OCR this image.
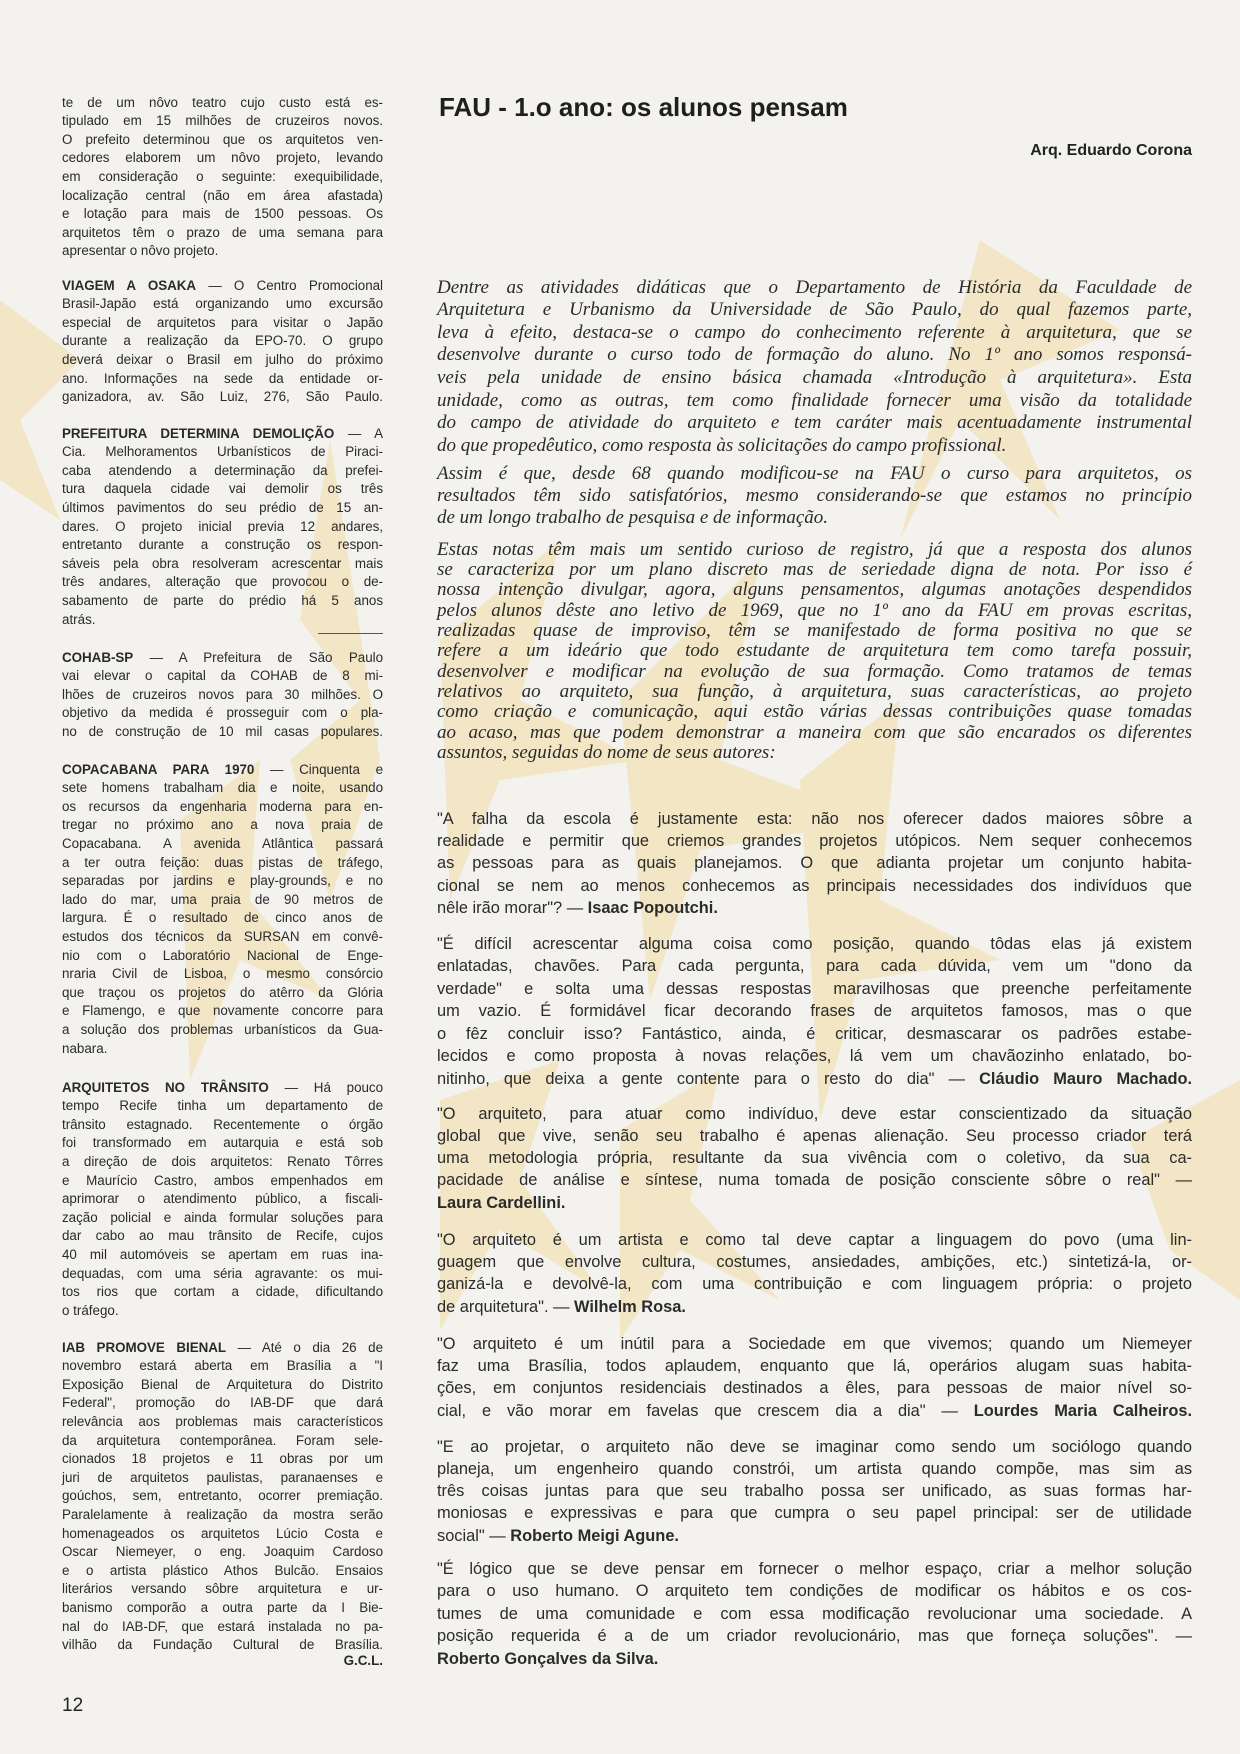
FAU - 1.o ano: os alunos pensam
Arq. Eduardo Corona
G.C.L.
12
te de um nôvo teatro cujo custo está es-
tipulado em 15 milhões de cruzeiros novos.
O prefeito determinou que os arquitetos ven-
cedores elaborem um nôvo projeto, levando
em consideração o seguinte: exequibilidade,
localização central (não em área afastada)
e lotação para mais de 1500 pessoas. Os
arquitetos têm o prazo de uma semana para
apresentar o nôvo projeto.
VIAGEM A OSAKA — O Centro Promocional
Brasil-Japão está organizando umo excursão
especial de arquitetos para visitar o Japão
durante a realização da EPO-70. O grupo
deverá deixar o Brasil em julho do próximo
ano. Informações na sede da entidade or-
ganizadora, av. São Luiz, 276, São Paulo.
PREFEITURA DETERMINA DEMOLIÇÃO — A
Cia. Melhoramentos Urbanísticos de Piraci-
caba atendendo a determinação da prefei-
tura daquela cidade vai demolir os três
últimos pavimentos do seu prédio de 15 an-
dares. O projeto inicial previa 12 andares,
entretanto durante a construção os respon-
sáveis pela obra resolveram acrescentar mais
três andares, alteração que provocou o de-
sabamento de parte do prédio há 5 anos
atrás.
COHAB-SP — A Prefeitura de São Paulo
vai elevar o capital da COHAB de 8 mi-
lhões de cruzeiros novos para 30 milhões. O
objetivo da medida é prosseguir com o pla-
no de construção de 10 mil casas populares.
COPACABANA PARA 1970 — Cinquenta e
sete homens trabalham dia e noite, usando
os recursos da engenharia moderna para en-
tregar no próximo ano a nova praia de
Copacabana. A avenida Atlântica passará
a ter outra feição: duas pistas de tráfego,
separadas por jardins e play-grounds, e no
lado do mar, uma praia de 90 metros de
largura. É o resultado de cinco anos de
estudos dos técnicos da SURSAN em convê-
nio com o Laboratório Nacional de Enge-
nraria Civil de Lisboa, o mesmo consórcio
que traçou os projetos do atêrro da Glória
e Flamengo, e que novamente concorre para
a solução dos problemas urbanísticos da Gua-
nabara.
ARQUITETOS NO TRÂNSITO — Há pouco
tempo Recife tinha um departamento de
trânsito estagnado. Recentemente o órgão
foi transformado em autarquia e está sob
a direção de dois arquitetos: Renato Tôrres
e Maurício Castro, ambos empenhados em
aprimorar o atendimento público, a fiscali-
zação policial e ainda formular soluções para
dar cabo ao mau trânsito de Recife, cujos
40 mil automóveis se apertam em ruas ina-
dequadas, com uma séria agravante: os mui-
tos rios que cortam a cidade, dificultando
o tráfego.
IAB PROMOVE BIENAL — Até o dia 26 de
novembro estará aberta em Brasília a "I
Exposição Bienal de Arquitetura do Distrito
Federal", promoção do IAB-DF que dará
relevância aos problemas mais característicos
da arquitetura contemporânea. Foram sele-
cionados 18 projetos e 11 obras por um
juri de arquitetos paulistas, paranaenses e
goúchos, sem, entretanto, ocorrer premiação.
Paralelamente à realização da mostra serão
homenageados os arquitetos Lúcio Costa e
Oscar Niemeyer, o eng. Joaquim Cardoso
e o artista plástico Athos Bulcão. Ensaios
literários versando sôbre arquitetura e ur-
banismo comporão a outra parte da I Bie-
nal do IAB-DF, que estará instalada no pa-
vilhão da Fundação Cultural de Brasília.
Dentre as atividades didáticas que o Departamento de História da Faculdade de
Arquitetura e Urbanismo da Universidade de São Paulo, do qual fazemos parte,
leva à efeito, destaca-se o campo do conhecimento referente à arquitetura, que se
desenvolve durante o curso todo de formação do aluno. No 1º ano somos responsá-
veis pela unidade de ensino básica chamada «Introdução à arquitetura». Esta
unidade, como as outras, tem como finalidade fornecer uma visão da totalidade
do campo de atividade do arquiteto e tem caráter mais acentuadamente instrumental
do que propedêutico, como resposta às solicitações do campo profissional.
Assim é que, desde 68 quando modificou-se na FAU o curso para arquitetos, os
resultados têm sido satisfatórios, mesmo considerando-se que estamos no princípio
de um longo trabalho de pesquisa e de informação.
Estas notas têm mais um sentido curioso de registro, já que a resposta dos alunos
se caracteriza por um plano discreto mas de seriedade digna de nota. Por isso é
nossa intenção divulgar, agora, alguns pensamentos, algumas anotações despendidos
pelos alunos dêste ano letivo de 1969, que no 1º ano da FAU em provas escritas,
realizadas quase de improviso, têm se manifestado de forma positiva no que se
refere a um ideário que todo estudante de arquitetura tem como tarefa possuir,
desenvolver e modificar na evolução de sua formação. Como tratamos de temas
relativos ao arquiteto, sua função, à arquitetura, suas características, ao projeto
como criação e comunicação, aqui estão várias dessas contribuições quase tomadas
ao acaso, mas que podem demonstrar a maneira com que são encarados os diferentes
assuntos, seguidas do nome de seus autores:
"A falha da escola é justamente esta: não nos oferecer dados maiores sôbre a
realidade e permitir que criemos grandes projetos utópicos. Nem sequer conhecemos
as pessoas para as quais planejamos. O que adianta projetar um conjunto habita-
cional se nem ao menos conhecemos as principais necessidades dos indivíduos que
nêle irão morar"? — Isaac Popoutchi.
"É difícil acrescentar alguma coisa como posição, quando tôdas elas já existem
enlatadas, chavões. Para cada pergunta, para cada dúvida, vem um "dono da
verdade" e solta uma dessas respostas maravilhosas que preenche perfeitamente
um vazio. É formidável ficar decorando frases de arquitetos famosos, mas o que
o fêz concluir isso? Fantástico, ainda, é criticar, desmascarar os padrões estabe-
lecidos e como proposta à novas relações, lá vem um chavãozinho enlatado, bo-
nitinho, que deixa a gente contente para o resto do dia" — Cláudio Mauro Machado.
"O arquiteto, para atuar como indivíduo, deve estar conscientizado da situação
global que vive, senão seu trabalho é apenas alienação. Seu processo criador terá
uma metodologia própria, resultante da sua vivência com o coletivo, da sua ca-
pacidade de análise e síntese, numa tomada de posição consciente sôbre o real" —
Laura Cardellini.
"O arquiteto é um artista e como tal deve captar a linguagem do povo (uma lin-
guagem que envolve cultura, costumes, ansiedades, ambições, etc.) sintetizá-la, or-
ganizá-la e devolvê-la, com uma contribuição e com linguagem própria: o projeto
de arquitetura". — Wilhelm Rosa.
"O arquiteto é um inútil para a Sociedade em que vivemos; quando um Niemeyer
faz uma Brasília, todos aplaudem, enquanto que lá, operários alugam suas habita-
ções, em conjuntos residenciais destinados a êles, para pessoas de maior nível so-
cial, e vão morar em favelas que crescem dia a dia" — Lourdes Maria Calheiros.
"E ao projetar, o arquiteto não deve se imaginar como sendo um sociólogo quando
planeja, um engenheiro quando constrói, um artista quando compõe, mas sim as
três coisas juntas para que seu trabalho possa ser unificado, as suas formas har-
moniosas e expressivas e para que cumpra o seu papel principal: ser de utilidade
social" — Roberto Meigi Agune.
"É lógico que se deve pensar em fornecer o melhor espaço, criar a melhor solução
para o uso humano. O arquiteto tem condições de modificar os hábitos e os cos-
tumes de uma comunidade e com essa modificação revolucionar uma sociedade. A
posição requerida é a de um criador revolucionário, mas que forneça soluções". —
Roberto Gonçalves da Silva.
